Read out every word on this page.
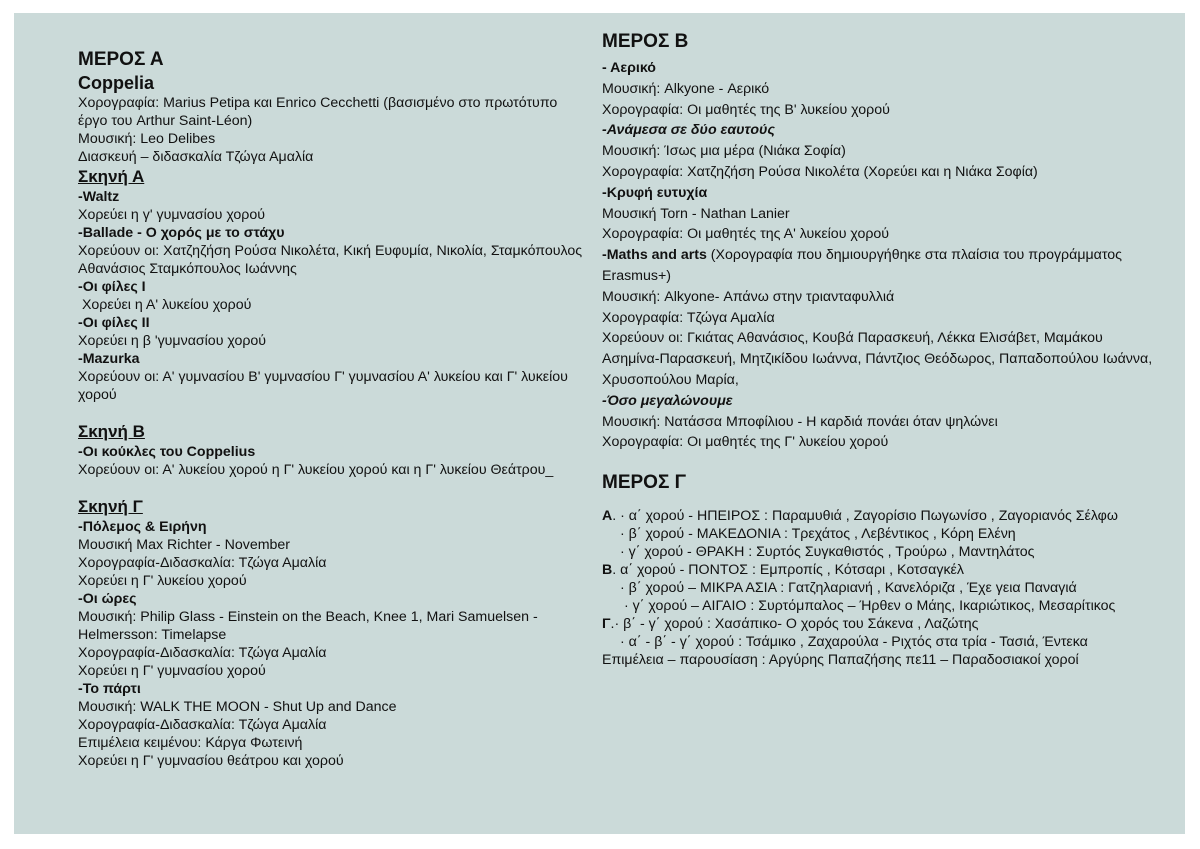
ΜΕΡΟΣ Α
Coppelia
Χορογραφία: Marius Petipa και Enrico Cecchetti (βασισμένο στο πρωτότυπο έργο του Arthur Saint-Léon)
Μουσική: Leo Delibes
Διασκευή – διδασκαλία Τζώγα Αμαλία
Σκηνή Α
-Waltz
Χορεύει η γ' γυμνασίου χορού
-Ballade - Ο χορός με το στάχυ
Χορεύουν οι: Χατζηζήση Ρούσα Νικολέτα, Κική Ευφυμία, Νικολία, Σταμκόπουλος Αθανάσιος Σταμκόπουλος Ιωάννης
-Οι φίλες Ι
Χορεύει η Α' λυκείου χορού
-Οι φίλες ΙΙ
Χορεύει η β 'γυμνασίου χορού
-Mazurka
Χορεύουν οι: Α' γυμνασίου Β' γυμνασίου Γ' γυμνασίου Α' λυκείου και Γ' λυκείου χορού
Σκηνή Β
-Οι κούκλες του Coppelius
Χορεύουν οι: Α' λυκείου χορού η Γ' λυκείου χορού και η Γ' λυκείου Θεάτρου_
Σκηνή Γ
-Πόλεμος & Ειρήνη
Μουσική Max Richter - November
Χορογραφία-Διδασκαλία: Τζώγα Αμαλία
Χορεύει η Γ' λυκείου χορού
-Οι ώρες
Μουσική: Philip Glass - Einstein on the Beach, Knee 1, Mari Samuelsen - Helmersson: Timelapse
Χορογραφία-Διδασκαλία: Τζώγα Αμαλία
Χορεύει η Γ' γυμνασίου χορού
-Το πάρτι
Μουσική: WALK THE MOON - Shut Up and Dance
Χορογραφία-Διδασκαλία: Τζώγα Αμαλία
Επιμέλεια κειμένου: Κάργα Φωτεινή
Χορεύει η Γ' γυμνασίου θεάτρου και χορού
ΜΕΡΟΣ Β
- Αερικό
Μουσική: Alkyone - Αερικό
Χορογραφία: Οι μαθητές της Β' λυκείου χορού
-Ανάμεσα σε δύο εαυτούς
Μουσική: Ίσως μια μέρα (Νιάκα Σοφία)
Χορογραφία: Χατζηζήση Ρούσα Νικολέτα (Χορεύει και η Νιάκα Σοφία)
-Κρυφή ευτυχία
Μουσική Torn - Nathan Lanier
Χορογραφία: Οι μαθητές της Α' λυκείου χορού
-Maths and arts (Χορογραφία που δημιουργήθηκε στα πλαίσια του προγράμματος Erasmus+)
Μουσική: Alkyone- Απάνω στην τριανταφυλλιά
Χορογραφία: Τζώγα Αμαλία
Χορεύουν οι: Γκιάτας Αθανάσιος, Κουβά Παρασκευή, Λέκκα Ελισάβετ, Μαμάκου Ασημίνα-Παρασκευή, Μητζικίδου Ιωάννα, Πάντζιος Θεόδωρος, Παπαδοπούλου Ιωάννα, Χρυσοπούλου Μαρία,
-Όσο μεγαλώνουμε
Μουσική: Νατάσσα Μποφίλιου - Η καρδιά πονάει όταν ψηλώνει
Χορογραφία: Οι μαθητές της Γ' λυκείου χορού
ΜΕΡΟΣ Γ
Α. · α΄ χορού - ΗΠΕΙΡΟΣ : Παραμυθιά , Ζαγορίσιο Πωγωνίσο , Ζαγοριανός Σέλφω
· β΄ χορού - ΜΑΚΕΔΟΝΙΑ : Τρεχάτος , Λεβέντικος , Κόρη Ελένη
· γ΄ χορού - ΘΡΑΚΗ : Συρτός Συγκαθιστός , Τρούρω , Μαντηλάτος
Β. α΄ χορού - ΠΟΝΤΟΣ : Εμπροπίς , Κότσαρι , Κοτσαγκέλ
· β΄ χορού – ΜΙΚΡΑ ΑΣΙΑ : Γατζηλαριανή , Κανελόριζα , Έχε γεια Παναγιά
· γ΄ χορού – ΑΙΓΑΙΟ : Συρτόμπαλος – Ήρθεν ο Μάης, Ικαριώτικος, Μεσαρίτικος
Γ.· β΄ - γ΄ χορού : Χασάπικο- Ο χορός του Σάκενα , Λαζώτης
· α΄ - β΄ - γ΄ χορού : Τσάμικο , Ζαχαρούλα - Ριχτός στα τρία - Τασιά, Έντεκα
Επιμέλεια – παρουσίαση : Αργύρης Παπαζήσης πε11 – Παραδοσιακοί χοροί
